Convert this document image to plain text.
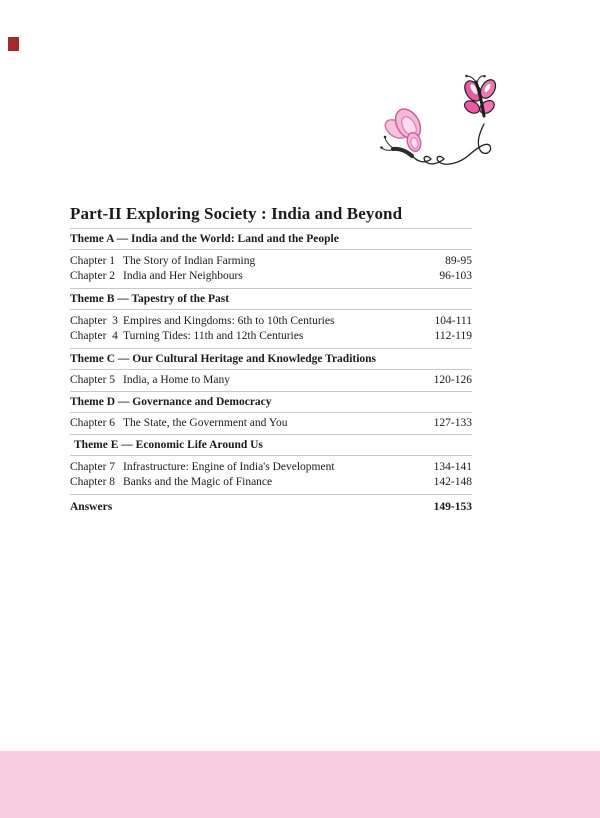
Part-II Exploring Society : India and Beyond
Theme A — India and the World: Land and the People
Chapter 1 The Story of Indian Farming	89-95
Chapter 2 India and Her Neighbours	96-103
Theme B — Tapestry of the Past
Chapter  3 Empires and Kingdoms: 6th to 10th Centuries	104-111
Chapter  4 Turning Tides: 11th and 12th Centuries	112-119
Theme C — Our Cultural Heritage and Knowledge Traditions
Chapter 5 India, a Home to Many	120-126
Theme D — Governance and Democracy
Chapter 6 The State, the Government and You	127-133
Theme E — Economic Life Around Us
Chapter 7 Infrastructure: Engine of India's Development	134-141
Chapter 8 Banks and the Magic of Finance	142-148
Answers	149-153
